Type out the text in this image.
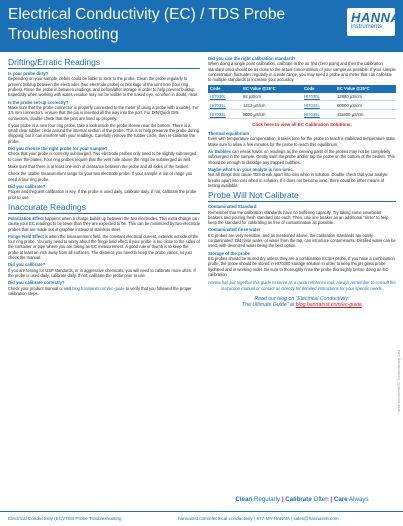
Electrical Conductivity (EC) / TDS Probe Troubleshooting
HANNA
instruments
Drifting/Erratic Readings
Is your probe dirty?
Depending on your sample, debris could be liable to stick to the probe. Clean the probe regularly to prevent buildup between the electrodes (two electrode probe) or blockage of the vent hole (four ring probes). Rinse the probe in between readings, and before/after storage in order to help prevent buildup. Especially when working with water, residue may not be visible to the naked eye, so when in doubt, rinse.
Is the probe set-up correctly?
Make sure that the probe connector is properly connected to the meter (if using a probe with a cable). For 3.5 mm connectors, ensure that the pin is inserted all the way into the port. For DIN/Quick DIN connectors, double check that the pins are lined up properly.
If your probe is a new four ring probe, take a look inside the probe sleeve near the bottom. There is a small clear rubber circle around the internal section of the probe. This is to help preserve the probe during shipping, but it can interfere with your readings. Carefully remove the rubber circle, then re-calibrate the probe.
Did you choose the right probe for your sample?
Check that your probe is correctly submerged. Two electrode probes only need to be slightly submerged to cover the plates. Four ring probes require that the vent hole above the rings be submerged as well.
Make sure that there is at least one inch of clearance between the probe and all sides of the beaker.
Check the usable measurement range for your two electrode probe. If your sample is out of range you need a four ring probe.
Did you calibrate?
Proper and frequent calibration is key. If the probe is used daily, calibrate daily. If not, calibrate the probe prior to use.
Inaccurate Readings
Polarization Effect happens when a charge builds up between the two electrodes. This extra charge can cause your EC readings to be lower than they are expected to be. This can be minimized by two-electrode probes that are made out of graphite instead of stainless steel.
Fringe Field Effect is when the measurement field, the constant electrical current, extends outside of the four ring probe. You only need to worry about the fringe field effect if your probe is too close to the sides of the container or pipe where you are taking an EC measurement. A good rule of thumb is to keep the probe at least an inch away from all surfaces. The distance you need to keep the probe varies, so just check the manual.
Did you calibrate?
If you are testing for USP standards, or in aggressive chemicals, you will need to calibrate more often. If the probe is used daily, calibrate daily. If not, calibrate the probe prior to use.
Did you calibrate correctly?
Check your product manual or visit blog.hannainst.com/ec-guide to verify that you followed the proper calibration steps.
Did you use the right calibration standard?
When doing a single point calibration, calibrate in the air first (zero point) and then the calibration standard used should be as close to the actual concentration of your sample as possible. If your sample concentration fluctuates regularly in a wide range, you may need a probe and meter that can calibrate to multiple standards to increase your accuracy.
Code	EC Value @25°C	Code	EC Value @25°C
HI7030L	84 µS/cm	HI7030L	12880 µS/cm
HI7031L	1413 µS/cm	HI7034L	80000 µS/cm
HI7033L	5000 µS/cm	HI7035L	111800 µS/cm
Click here to view all EC Calibration Solutions.
Thermal equilibrium
Even with temperature compensation, it takes time for the probe to reach a stabilized temperature state. Make sure to allow a few minutes for the probe to reach this equilibrium.
Air Bubbles can wreak havoc on readings as the sensing parts of the probes may not be completely submerged in the sample. Gently swirl the probe and/or tap the probe on the bottom of the beaker. This should be enough to dislodge any trapped bubbles.
Maybe what’s in your analyte is non-ionic.
Not all things that cause TDS break apart into ions while in solution. Double check that your analyte breaks apart into ions when in solution. If it does not become ionic, there could be other means of testing available.
Probe Will Not Calibrate
Contaminated Standard
Remember that the calibration standards have no buffering capacity. Try taking some new/clean beakers and pouring fresh standard into each. Then, use one beaker as an additional “rinse” to help keep the standard for calibrating as free of contamination as possible.
Contaminated rinse water
EC probes are very sensitive, and as mentioned above, the calibration standards are easily contaminated. Old rinse water, or water from the tap, can introduce contaminants. Distilled water can be used, with deionized water being the best option.
Storage of the probe
EC probes should be stored dry unless they are a combination EC/pH probe. If you have a combination probe, the probe should be stored in HI70300 storage solution in order to keep the pH glass probe hydrated and in working order. Be sure to thoroughly rinse the probe thoroughly before doing an EC calibration.
Hanna has put together this guide to serve as a quick reference tool. Always remember to consult the instruction manual or contact us directly for detailed instructions for your specific needs.
Read our blog on “Electrical Conductivity:
The Ultimate Guide” at blog.hannainst.com/ec-guide
Clean Regularly | Calibrate Often | Care Always
Hanna Instruments EC Troubleshooting Card
Electrical Conductivity (EC)/TDS Probe Troubleshooting	hannainst.com/electrical-conductivity | 877-MY-HANNA | sales@hannainst.com
